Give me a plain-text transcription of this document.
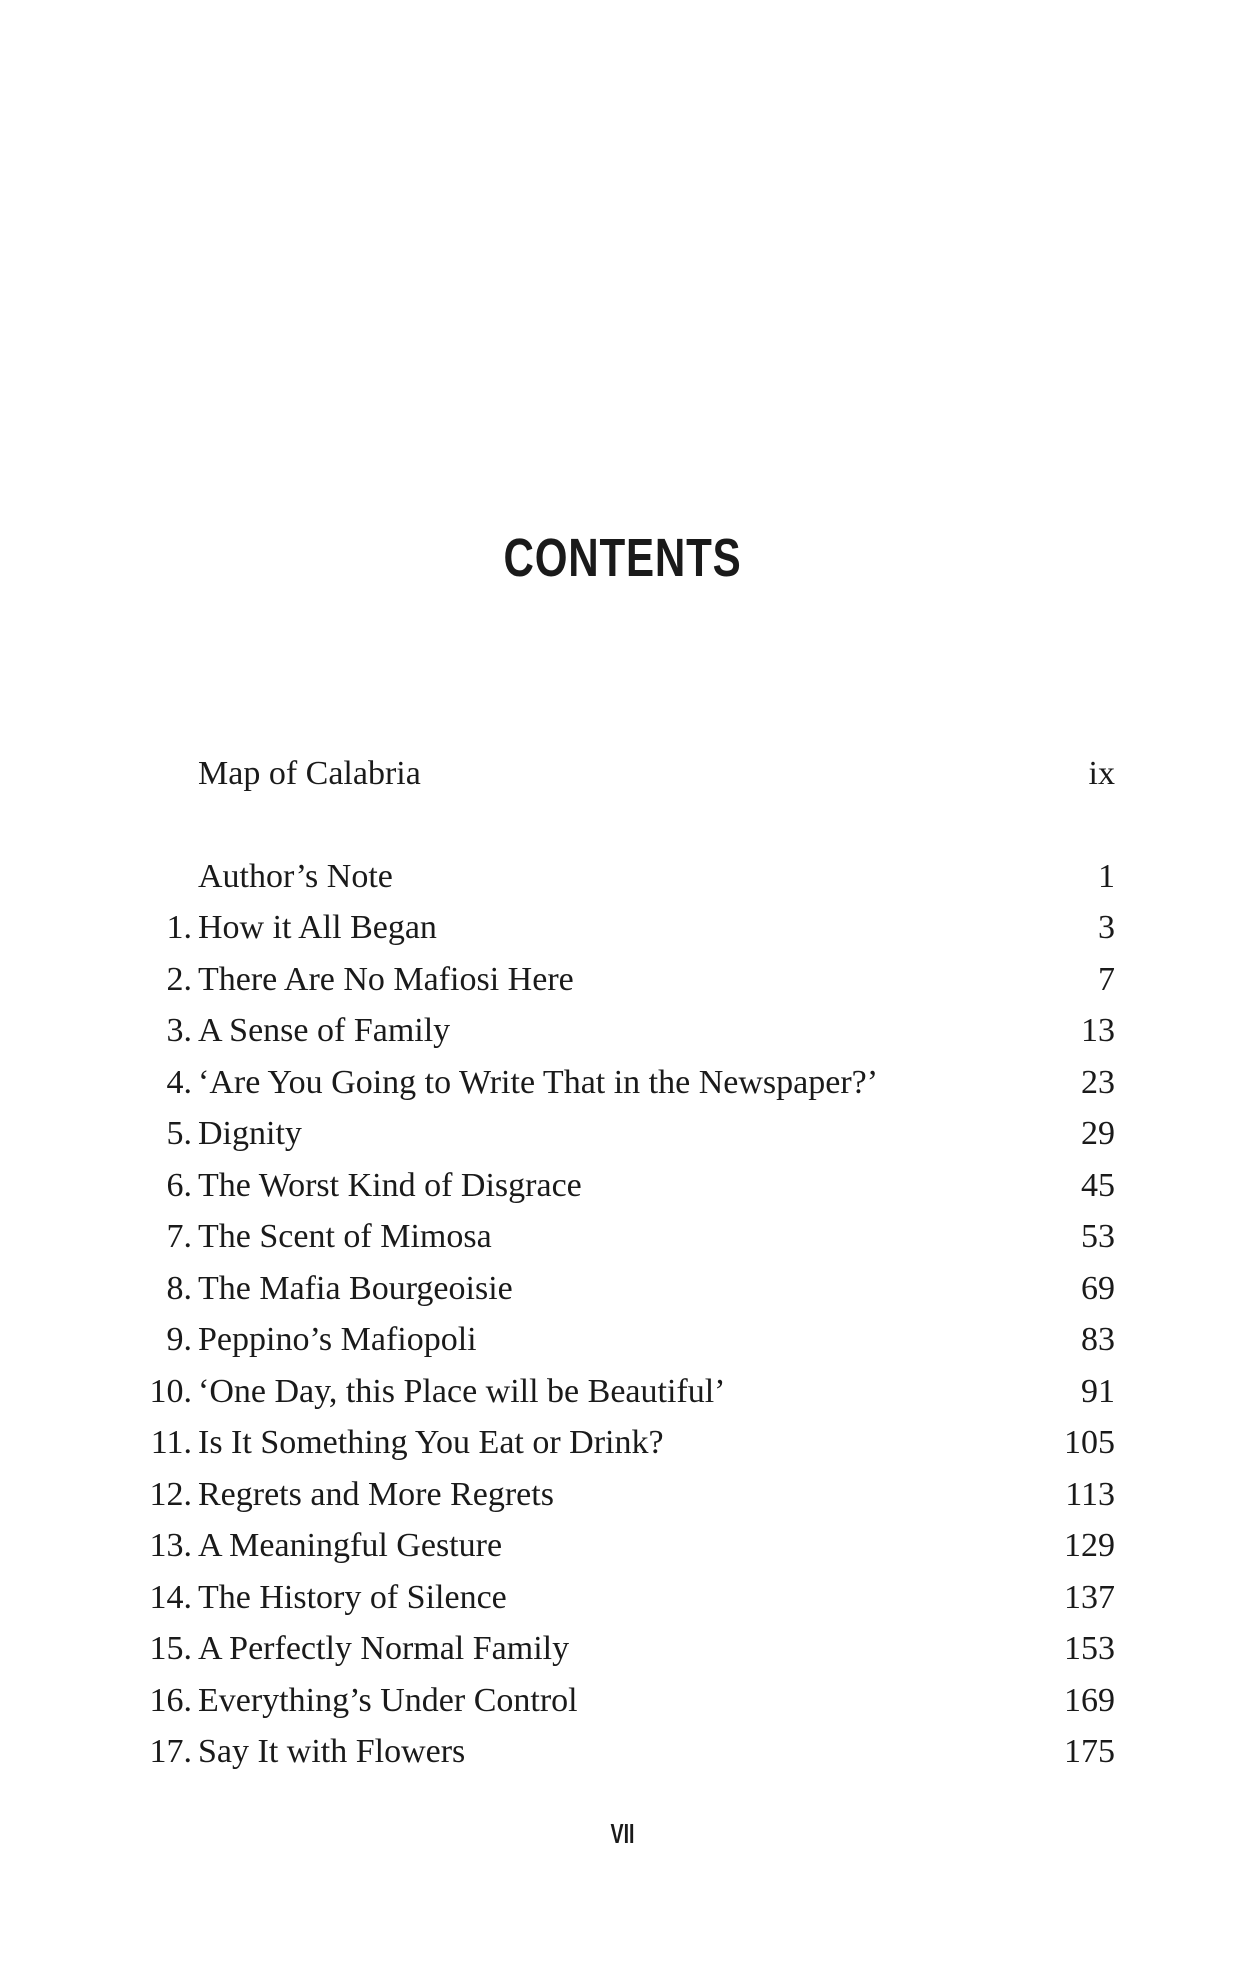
CONTENTS
Map of Calabria	ix
Author’s Note	1
1. How it All Began	3
2. There Are No Mafiosi Here	7
3. A Sense of Family	13
4. ‘Are You Going to Write That in the Newspaper?’	23
5. Dignity	29
6. The Worst Kind of Disgrace	45
7. The Scent of Mimosa	53
8. The Mafia Bourgeoisie	69
9. Peppino’s Mafiopoli	83
10. ‘One Day, this Place will be Beautiful’	91
11. Is It Something You Eat or Drink?	105
12. Regrets and More Regrets	113
13. A Meaningful Gesture	129
14. The History of Silence	137
15. A Perfectly Normal Family	153
16. Everything’s Under Control	169
17. Say It with Flowers	175
VII
